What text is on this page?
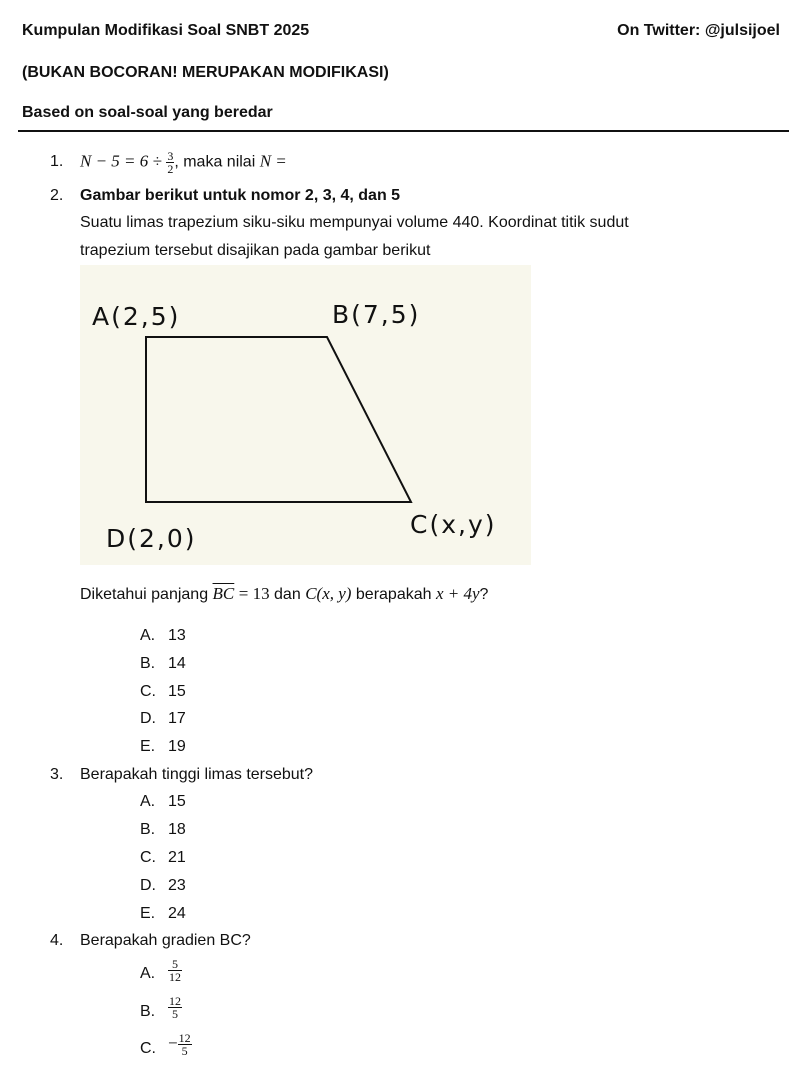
Kumpulan Modifikasi Soal SNBT 2025	On Twitter: @julsijoel
(BUKAN BOCORAN! MERUPAKAN MODIFIKASI)
Based on soal-soal yang beredar
1. $N - 5 = 6 \div \frac{3}{2}$ , maka nilai N =
2. Gambar berikut untuk nomor 2, 3, 4, dan 5
Suatu limas trapezium siku-siku mempunyai volume 440. Koordinat titik sudut
trapezium tersebut disajikan pada gambar berikut
A(2,5)	B(7,5)
C(x,y)
D(2,0)
Diketahui panjang $\overline{BC} = 13$ dan C(x, y) berapakah x + 4y?
A. 13
B. 14
C. 15
D. 17
E. 19
3. Berapakah tinggi limas tersebut?
A. 15
B. 18
C. 21
D. 23
E. 24
4. Berapakah gradien BC?
A. $\frac{5}{12}$
B. $\frac{12}{5}$
C. − $\frac{12}{5}$
